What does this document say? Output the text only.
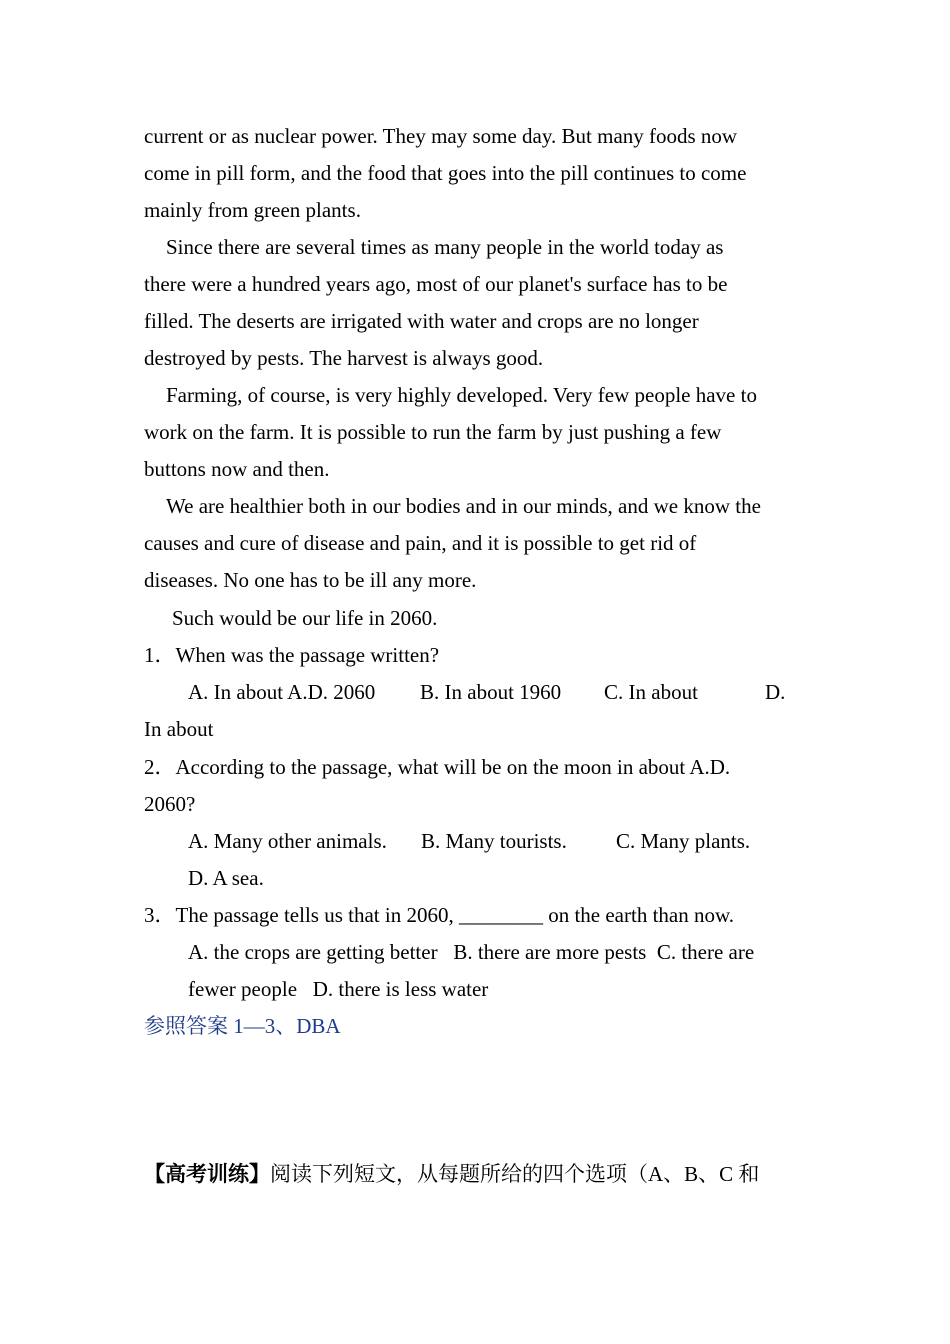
current or as nuclear power. They may some day. But many foods now
come in pill form, and the food that goes into the pill continues to come
mainly from green plants.
Since there are several times as many people in the world today as
there were a hundred years ago, most of our planet's surface has to be
filled. The deserts are irrigated with water and crops are no longer
destroyed by pests. The harvest is always good.
Farming, of course, is very highly developed. Very few people have to
work on the farm. It is possible to run the farm by just pushing a few
buttons now and then.
We are healthier both in our bodies and in our minds, and we know the
causes and cure of disease and pain, and it is possible to get rid of
diseases. No one has to be ill any more.
Such would be our life in 2060.
1．When was the passage written?
A. In about A.D. 2060 B. In about 1960 C. In about	D.
In about
2．According to the passage, what will be on the moon in about A.D.
2060?
A. Many other animals. B. Many tourists. C. Many plants.
D. A sea.
3．The passage tells us that in 2060, ________ on the earth than now.
A. the crops are getting better   B. there are more pests  C. there are
fewer people   D. there is less water
参照答案 1—3、DBA
【高考训练】阅读下列短文，从每题所给的四个选项（A、B、C 和
